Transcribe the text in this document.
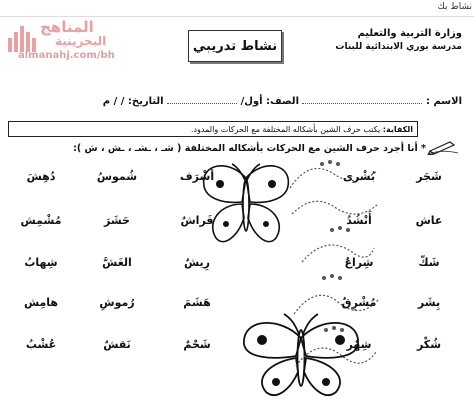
نشاط بك
المناهج
البحرينية
almanahj.com/bh
نشاط تدريبي
وزارة التربية والتعليم
مدرسة بوري الابتدائية للبنات
الاسم :  الصف: أول/  التاريخ: / / م
الكفاية: يكتب حرف الشين بأشكاله المختلفة مع الحركات والمدود.
* أنا أجرد حرف الشين مع الحركات بأشكاله المختلفة ( شـ ، ـشـ ، ـش ، ش ):
شَجَر
عاش
شَكّ
بِشَر
شُكْر
بُشْرى
أَنْشُدُ
شِراعٌ
مُشْرِقٌ
شِهْر
أَشْرَف
فَراشٌ
رِيشٌ
هَشَمَ
شَحْمٌ
شُموسُ
حَشَرَ
الغَشَّ
رُموشِ
نَقشٌ
دُهِشَ
مُشْمِش
شِهابُ
هامِش
عُشْبُ
